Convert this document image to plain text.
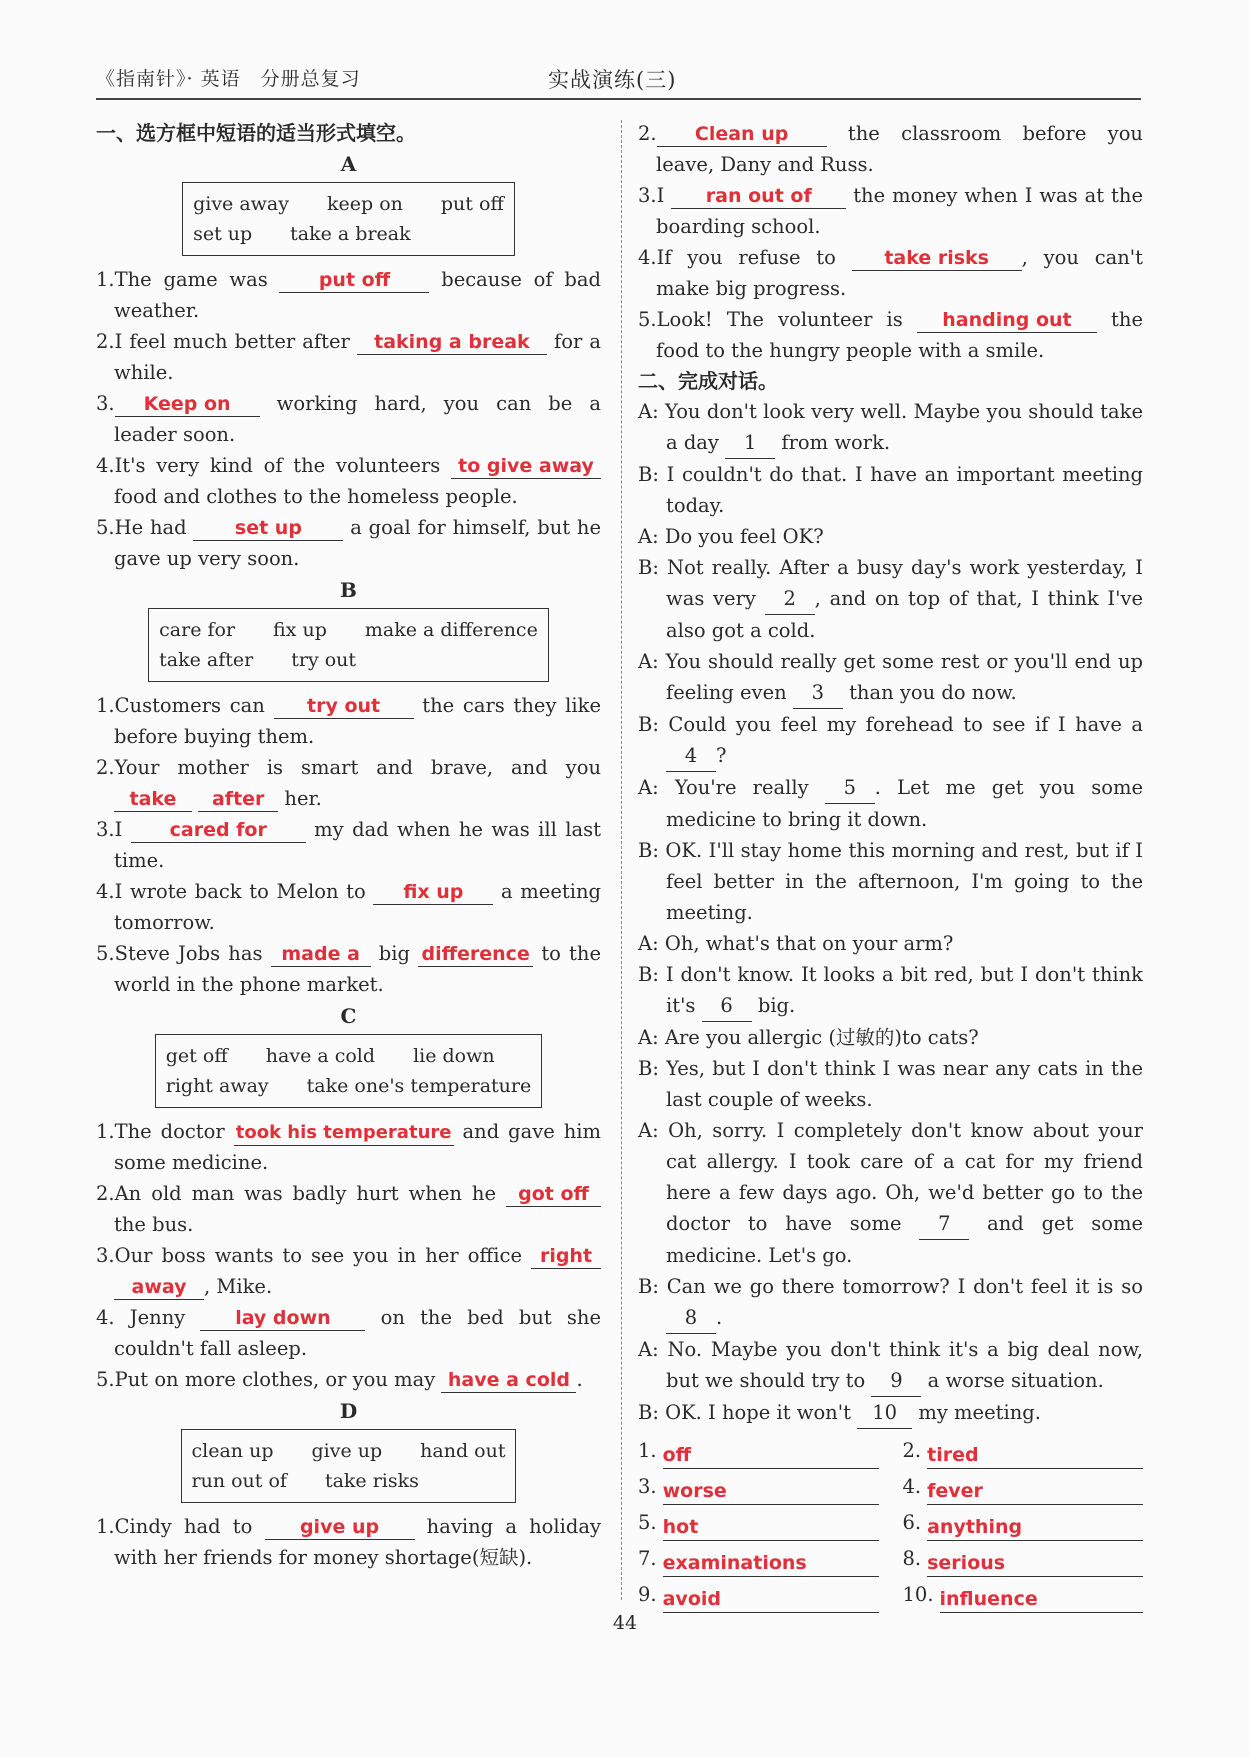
《指南针》· 英语　分册总复习	实战演练(三)

一、选方框中短语的适当形式填空。

A

give away keep on put off
set up take a break

1.The game was put off because of bad weather.

2.I feel much better after taking a break for a while.

3. Keep on working hard, you can be a leader soon.

4.It's very kind of the volunteers to give away food and clothes to the homeless people.

5.He had set up a goal for himself, but he gave up very soon.

B

care for fix up make a difference
take after try out

1.Customers can try out the cars they like before buying them.

2.Your mother is smart and brave, and you take after her.

3.I cared for my dad when he was ill last time.

4.I wrote back to Melon to fix up a meeting tomorrow.

5.Steve Jobs has made a big difference to the world in the phone market.

C

get off have a cold lie down
right away take one's temperature

1.The doctor took his temperature and gave him some medicine.

2.An old man was badly hurt when he got off the bus.

3.Our boss wants to see you in her office right away , Mike.

4. Jenny lay down on the bed but she couldn't fall asleep.

5.Put on more clothes, or you may have a cold .

D

clean up give up hand out
run out of take risks

1.Cindy had to give up having a holiday with her friends for money shortage(短缺).

2. Clean up the classroom before you leave, Dany and Russ.

3.I ran out of the money when I was at the boarding school.

4.If you refuse to take risks , you can't make big progress.

5.Look! The volunteer is handing out the food to the hungry people with a smile.

二、完成对话。

A: You don't look very well. Maybe you should take a day 1 from work.

B: I couldn't do that. I have an important meeting today.

A: Do you feel OK?

B: Not really. After a busy day's work yesterday, I was very 2 , and on top of that, I think I've also got a cold.

A: You should really get some rest or you'll end up feeling even 3 than you do now.

B: Could you feel my forehead to see if I have a 4 ?

A: You're really 5 . Let me get you some medicine to bring it down.

B: OK. I'll stay home this morning and rest, but if I feel better in the afternoon, I'm going to the meeting.

A: Oh, what's that on your arm?

B: I don't know. It looks a bit red, but I don't think it's 6 big.

A: Are you allergic (过敏的)to cats?

B: Yes, but I don't think I was near any cats in the last couple of weeks.

A: Oh, sorry. I completely don't know about your cat allergy. I took care of a cat for my friend here a few days ago. Oh, we'd better go to the doctor to have some 7 and get some medicine. Let's go.

B: Can we go there tomorrow? I don't feel it is so 8 .

A: No. Maybe you don't think it's a big deal now, but we should try to 9 a worse situation.

B: OK. I hope it won't 10 my meeting.

1. off	2. tired
3. worse	4. fever
5. hot	6. anything
7. examinations	8. serious
9. avoid	10. influence
44
